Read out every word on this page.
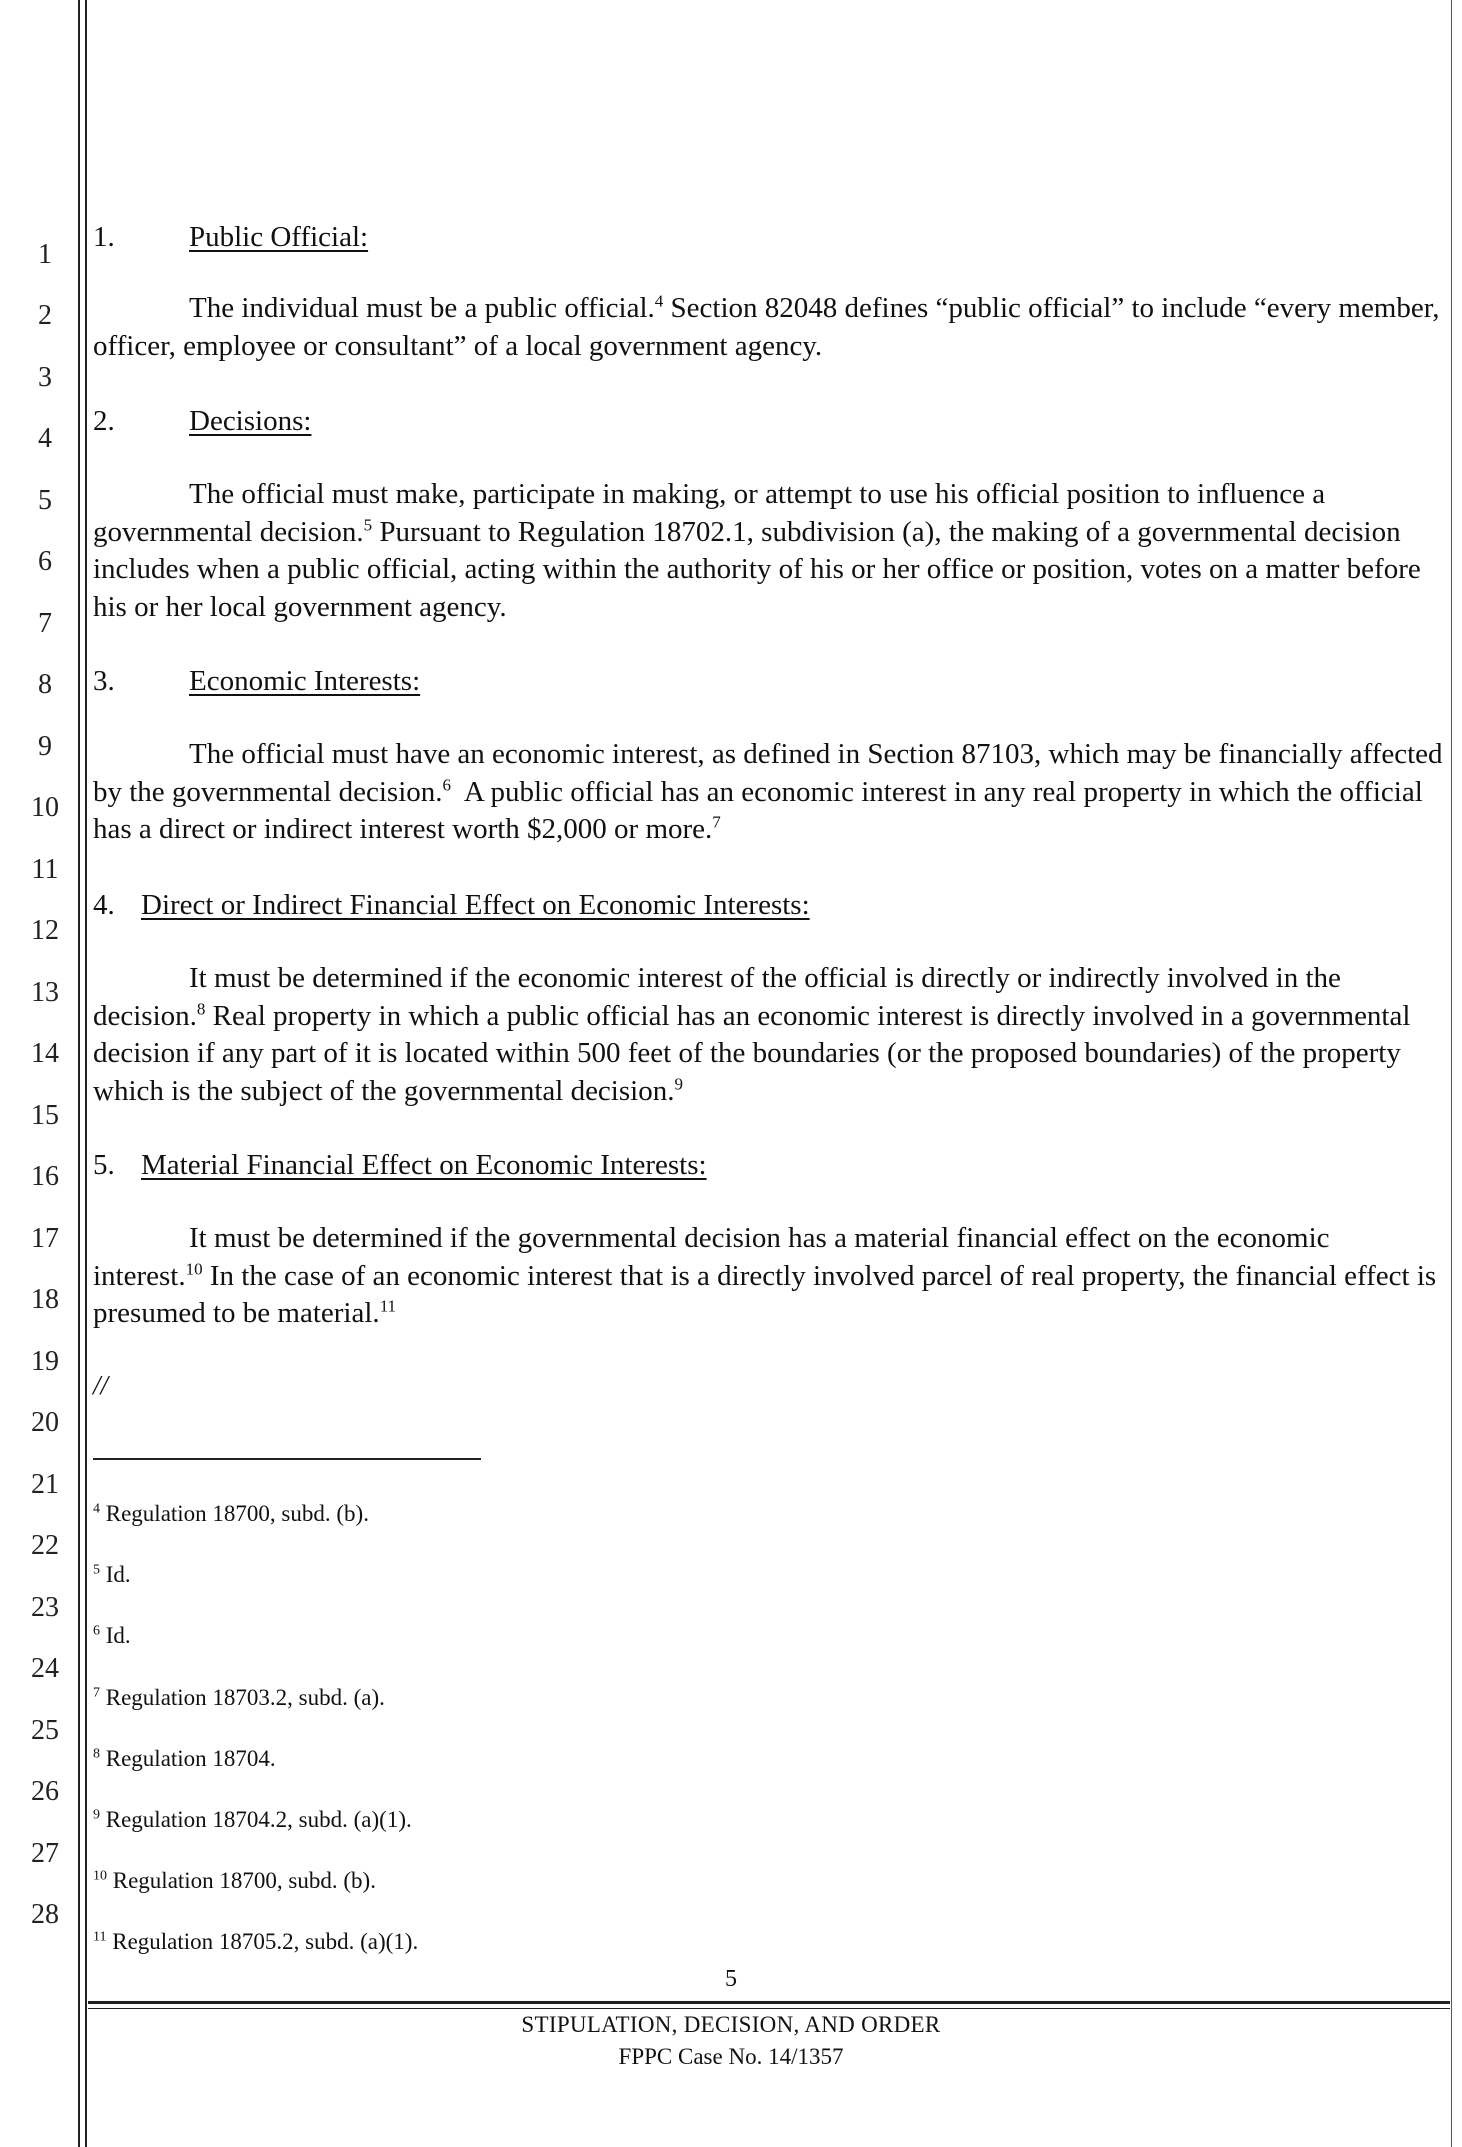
1
2
3
4
5
6
7
8
9
10
11
12
13
14
15
16
17
18
19
20
21
22
23
24
25
26
27
28
1.	Public Official:

The individual must be a public official.$^4$ Section 82048 defines “public official” to include “every member, officer, employee or consultant” of a local government agency.

2.	Decisions:

The official must make, participate in making, or attempt to use his official position to influence a governmental decision.$^5$ Pursuant to Regulation 18702.1, subdivision (a), the making of a governmental decision includes when a public official, acting within the authority of his or her office or position, votes on a matter before his or her local government agency.

3.	Economic Interests:

The official must have an economic interest, as defined in Section 87103, which may be financially affected by the governmental decision.$^6$  A public official has an economic interest in any real property in which the official has a direct or indirect interest worth $2,000 or more.$^7$

4. Direct or Indirect Financial Effect on Economic Interests:

It must be determined if the economic interest of the official is directly or indirectly involved in the decision.$^8$ Real property in which a public official has an economic interest is directly involved in a governmental decision if any part of it is located within 500 feet of the boundaries (or the proposed boundaries) of the property which is the subject of the governmental decision.$^9$

5. Material Financial Effect on Economic Interests:

It must be determined if the governmental decision has a material financial effect on the economic interest.$^{10}$ In the case of an economic interest that is a directly involved parcel of real property, the financial effect is presumed to be material.$^{11}$

//
$^4$ Regulation 18700, subd. (b).
$^5$ Id.
$^6$ Id.
$^7$ Regulation 18703.2, subd. (a).
$^8$ Regulation 18704.
$^9$ Regulation 18704.2, subd. (a)(1).
$^{10}$ Regulation 18700, subd. (b).
$^{11}$ Regulation 18705.2, subd. (a)(1).
5
STIPULATION, DECISION, AND ORDER
FPPC Case No. 14/1357
